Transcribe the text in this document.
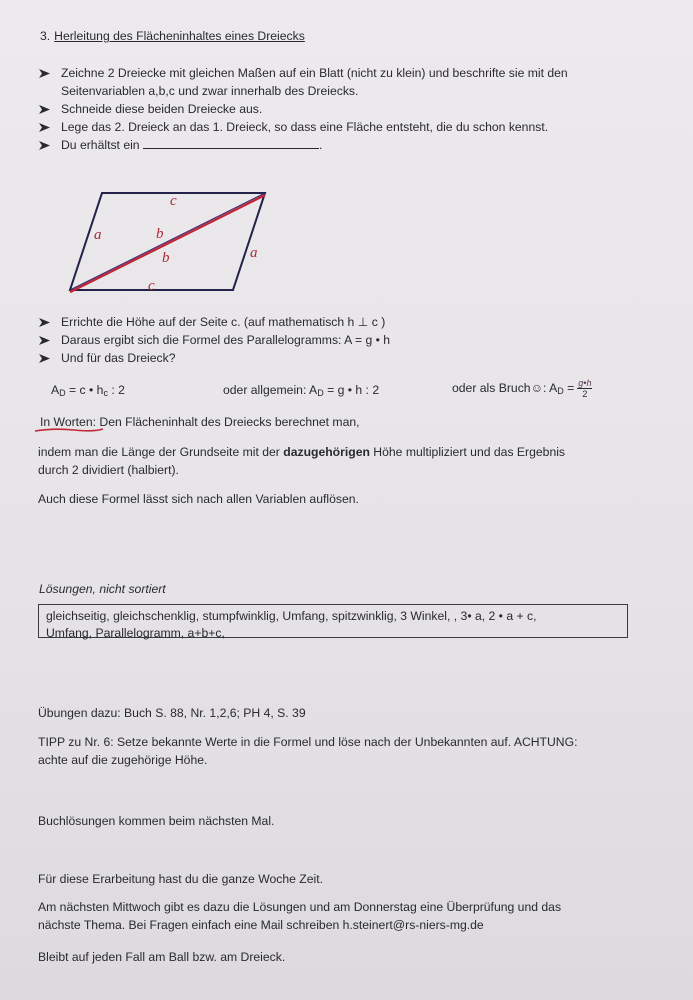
3. Herleitung des Flächeninhaltes eines Dreiecks
Zeichne 2 Dreiecke mit gleichen Maßen auf ein Blatt (nicht zu klein) und beschrifte sie mit den
Seitenvariablen a,b,c und zwar innerhalb des Dreiecks.
Schneide diese beiden Dreiecke aus.
Lege das 2. Dreieck an das 1. Dreieck, so dass eine Fläche entsteht, die du schon kennst.
Du erhältst ein	.
c
a	b
b	a
c
Errichte die Höhe auf der Seite c. (auf mathematisch h ⊥ c )
Daraus ergibt sich die Formel des Parallelogramms: A = g • h
Und für das Dreieck?
$A_D = c$ • $h_c$ : 2	oder allgemein: $A_D = g$ • h : 2	oder als Bruch☺: $A_D = \frac{g•h}{2}$
In Worten: Den Flächeninhalt des Dreiecks berechnet man,
indem man die Länge der Grundseite mit der dazugehörigen Höhe multipliziert und das Ergebnis
durch 2 dividiert (halbiert).
Auch diese Formel lässt sich nach allen Variablen auflösen.
Lösungen, nicht sortiert
gleichseitig, gleichschenklig, stumpfwinklig, Umfang, spitzwinklig, 3 Winkel, , 3• a, 2 • a + c,
Umfang, Parallelogramm, a+b+c,
Übungen dazu: Buch S. 88, Nr. 1,2,6; PH 4, S. 39
TIPP zu Nr. 6: Setze bekannte Werte in die Formel und löse nach der Unbekannten auf. ACHTUNG:
achte auf die zugehörige Höhe.
Buchlösungen kommen beim nächsten Mal.
Für diese Erarbeitung hast du die ganze Woche Zeit.
Am nächsten Mittwoch gibt es dazu die Lösungen und am Donnerstag eine Überprüfung und das
nächste Thema. Bei Fragen einfach eine Mail schreiben h.steinert@rs-niers-mg.de
Bleibt auf jeden Fall am Ball bzw. am Dreieck.
